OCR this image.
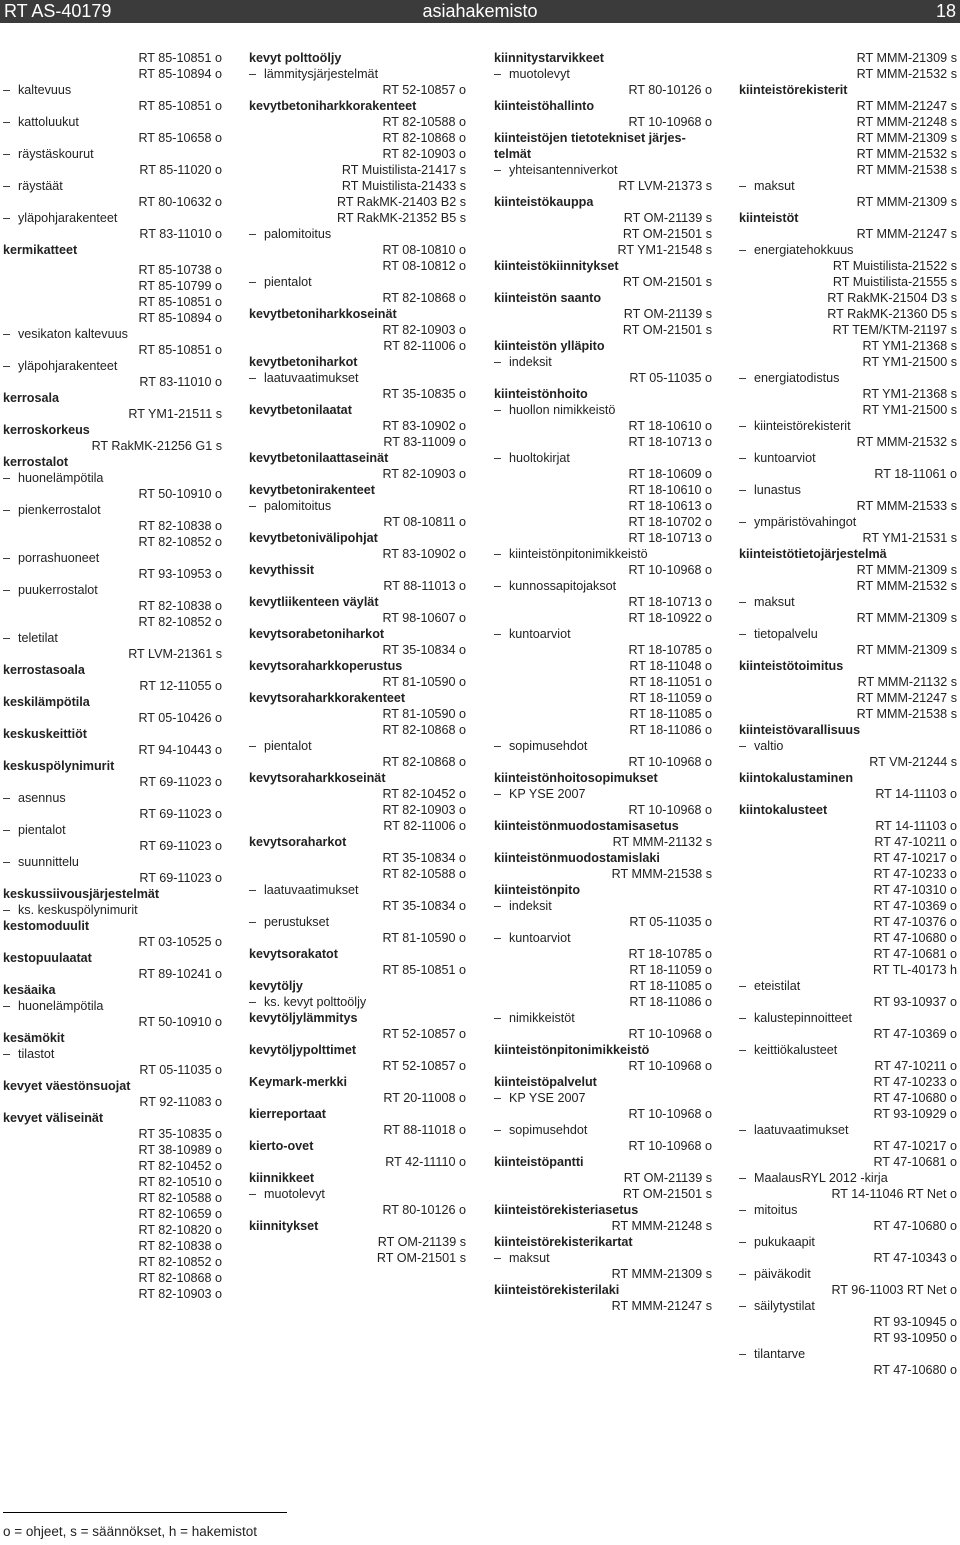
asiahakemisto
RT AS-40179	18
RT 85-10851 o
RT 85-10894 o
– kaltevuus
RT 85-10851 o
– kattoluukut
RT 85-10658 o
– räystäskourut
RT 85-11020 o
– räystäät
RT 80-10632 o
– yläpohjarakenteet
RT 83-11010 o
kermikatteet
RT 85-10738 o
RT 85-10799 o
RT 85-10851 o
RT 85-10894 o
– vesikaton kaltevuus
RT 85-10851 o
– yläpohjarakenteet
RT 83-11010 o
kerrosala
RT YM1-21511 s
kerroskorkeus
RT RakMK-21256 G1 s
kerrostalot
– huonelämpötila
RT 50-10910 o
– pienkerrostalot
RT 82-10838 o
RT 82-10852 o
– porrashuoneet
RT 93-10953 o
– puukerrostalot
RT 82-10838 o
RT 82-10852 o
– teletilat
RT LVM-21361 s
kerrostasoala
RT 12-11055 o
keskilämpötila
RT 05-10426 o
keskuskeittiöt
RT 94-10443 o
keskuspölynimurit
RT 69-11023 o
– asennus
RT 69-11023 o
– pientalot
RT 69-11023 o
– suunnittelu
RT 69-11023 o
keskussiivousjärjestelmät
– ks. keskuspölynimurit
kestomoduulit
RT 03-10525 o
kestopuulaatat
RT 89-10241 o
kesäaika
– huonelämpötila
RT 50-10910 o
kesämökit
– tilastot
RT 05-11035 o
kevyet väestönsuojat
RT 92-11083 o
kevyet väliseinät
RT 35-10835 o
RT 38-10989 o
RT 82-10452 o
RT 82-10510 o
RT 82-10588 o
RT 82-10659 o
RT 82-10820 o
RT 82-10838 o
RT 82-10852 o
RT 82-10868 o
RT 82-10903 o
kevyt polttoöljy
– lämmitysjärjestelmät
RT 52-10857 o
kevytbetoniharkkorakenteet
RT 82-10588 o
RT 82-10868 o
RT 82-10903 o
RT Muistilista-21417 s
RT Muistilista-21433 s
RT RakMK-21403 B2 s
RT RakMK-21352 B5 s
– palomitoitus
RT 08-10810 o
RT 08-10812 o
– pientalot
RT 82-10868 o
kevytbetoniharkkoseinät
RT 82-10903 o
RT 82-11006 o
kevytbetoniharkot
– laatuvaatimukset
RT 35-10835 o
kevytbetonilaatat
RT 83-10902 o
RT 83-11009 o
kevytbetonilaattaseinät
RT 82-10903 o
kevytbetonirakenteet
– palomitoitus
RT 08-10811 o
kevytbetonivälipohjat
RT 83-10902 o
kevythissit
RT 88-11013 o
kevytliikenteen väylät
RT 98-10607 o
kevytsorabetoniharkot
RT 35-10834 o
kevytsoraharkkoperustus
RT 81-10590 o
kevytsoraharkkorakenteet
RT 81-10590 o
RT 82-10868 o
– pientalot
RT 82-10868 o
kevytsoraharkkoseinät
RT 82-10452 o
RT 82-10903 o
RT 82-11006 o
kevytsoraharkot
RT 35-10834 o
RT 82-10588 o
– laatuvaatimukset
RT 35-10834 o
– perustukset
RT 81-10590 o
kevytsorakatot
RT 85-10851 o
kevytöljy
– ks. kevyt polttoöljy
kevytöljylämmitys
RT 52-10857 o
kevytöljypolttimet
RT 52-10857 o
Keymark-merkki
RT 20-11008 o
kierreportaat
RT 88-11018 o
kierto-ovet
RT 42-11110 o
kiinnikkeet
– muotolevyt
RT 80-10126 o
kiinnitykset
RT OM-21139 s
RT OM-21501 s
kiinnitystarvikkeet
– muotolevyt
RT 80-10126 o
kiinteistöhallinto
RT 10-10968 o
kiinteistöjen tietotekniset järjes-
telmät
– yhteisantenniverkot
RT LVM-21373 s
kiinteistökauppa
RT OM-21139 s
RT OM-21501 s
RT YM1-21548 s
kiinteistökiinnitykset
RT OM-21501 s
kiinteistön saanto
RT OM-21139 s
RT OM-21501 s
kiinteistön ylläpito
– indeksit
RT 05-11035 o
kiinteistönhoito
– huollon nimikkeistö
RT 18-10610 o
RT 18-10713 o
– huoltokirjat
RT 18-10609 o
RT 18-10610 o
RT 18-10613 o
RT 18-10702 o
RT 18-10713 o
– kiinteistönpitonimikkeistö
RT 10-10968 o
– kunnossapitojaksot
RT 18-10713 o
RT 18-10922 o
– kuntoarviot
RT 18-10785 o
RT 18-11048 o
RT 18-11051 o
RT 18-11059 o
RT 18-11085 o
RT 18-11086 o
– sopimusehdot
RT 10-10968 o
kiinteistönhoitosopimukset
– KP YSE 2007
RT 10-10968 o
kiinteistönmuodostamisasetus
RT MMM-21132 s
kiinteistönmuodostamislaki
RT MMM-21538 s
kiinteistönpito
– indeksit
RT 05-11035 o
– kuntoarviot
RT 18-10785 o
RT 18-11059 o
RT 18-11085 o
RT 18-11086 o
– nimikkeistöt
RT 10-10968 o
kiinteistönpitonimikkeistö
RT 10-10968 o
kiinteistöpalvelut
– KP YSE 2007
RT 10-10968 o
– sopimusehdot
RT 10-10968 o
kiinteistöpantti
RT OM-21139 s
RT OM-21501 s
kiinteistörekisteriasetus
RT MMM-21248 s
kiinteistörekisterikartat
– maksut
RT MMM-21309 s
kiinteistörekisterilaki
RT MMM-21247 s
RT MMM-21309 s
RT MMM-21532 s
kiinteistörekisterit
RT MMM-21247 s
RT MMM-21248 s
RT MMM-21309 s
RT MMM-21532 s
RT MMM-21538 s
– maksut
RT MMM-21309 s
kiinteistöt
RT MMM-21247 s
– energiatehokkuus
RT Muistilista-21522 s
RT Muistilista-21555 s
RT RakMK-21504 D3 s
RT RakMK-21360 D5 s
RT TEM/KTM-21197 s
RT YM1-21368 s
RT YM1-21500 s
– energiatodistus
RT YM1-21368 s
RT YM1-21500 s
– kiinteistörekisterit
RT MMM-21532 s
– kuntoarviot
RT 18-11061 o
– lunastus
RT MMM-21533 s
– ympäristövahingot
RT YM1-21531 s
kiinteistötietojärjestelmä
RT MMM-21309 s
RT MMM-21532 s
– maksut
RT MMM-21309 s
– tietopalvelu
RT MMM-21309 s
kiinteistötoimitus
RT MMM-21132 s
RT MMM-21247 s
RT MMM-21538 s
kiinteistövarallisuus
– valtio
RT VM-21244 s
kiintokalustaminen
RT 14-11103 o
kiintokalusteet
RT 14-11103 o
RT 47-10211 o
RT 47-10217 o
RT 47-10233 o
RT 47-10310 o
RT 47-10369 o
RT 47-10376 o
RT 47-10680 o
RT 47-10681 o
RT TL-40173 h
– eteistilat
RT 93-10937 o
– kalustepinnoitteet
RT 47-10369 o
– keittiökalusteet
RT 47-10211 o
RT 47-10233 o
RT 47-10680 o
RT 93-10929 o
– laatuvaatimukset
RT 47-10217 o
RT 47-10681 o
– MaalausRYL 2012 -kirja
RT 14-11046 RT Net o
– mitoitus
RT 47-10680 o
– pukukaapit
RT 47-10343 o
– päiväkodit
RT 96-11003 RT Net o
– säilytystilat
RT 93-10945 o
RT 93-10950 o
– tilantarve
RT 47-10680 o
o = ohjeet, s = säännökset, h = hakemistot
